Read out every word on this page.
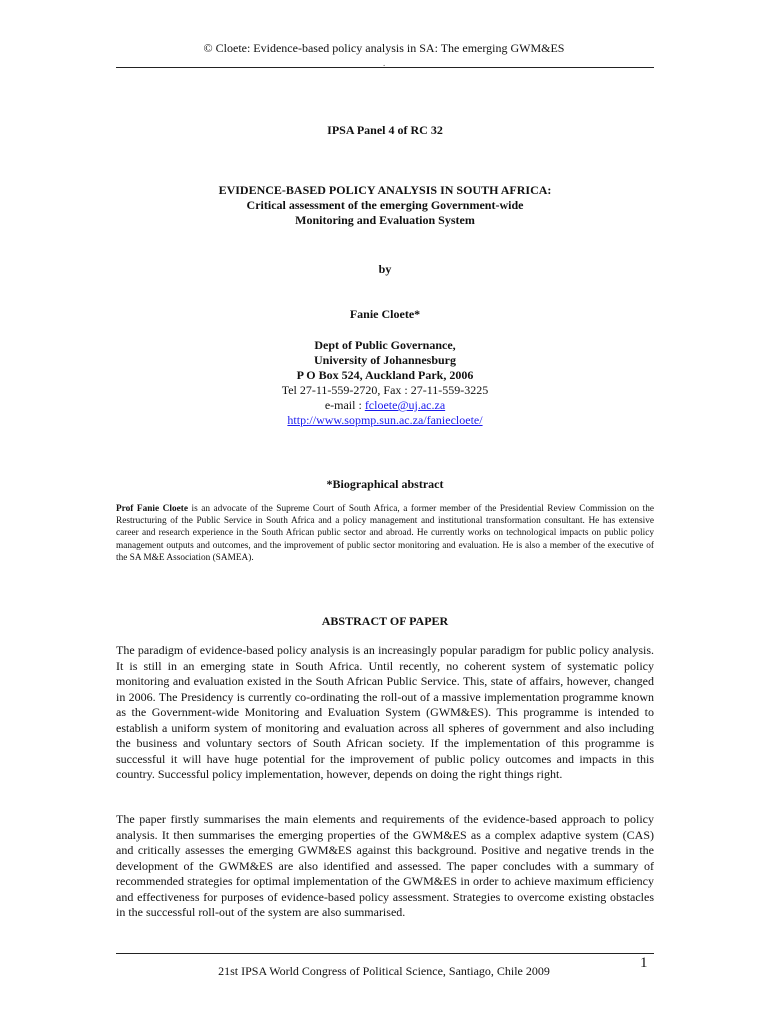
© Cloete: Evidence-based policy analysis in SA: The emerging GWM&ES
.
IPSA Panel 4 of RC 32
EVIDENCE-BASED POLICY ANALYSIS IN SOUTH AFRICA:
Critical assessment of the emerging Government-wide
Monitoring and Evaluation System
by
Fanie Cloete*
Dept of Public Governance,
University of Johannesburg
P O Box 524, Auckland Park, 2006
Tel 27-11-559-2720, Fax : 27-11-559-3225
e-mail : fcloete@uj.ac.za
http://www.sopmp.sun.ac.za/faniecloete/
*Biographical abstract
Prof Fanie Cloete is an advocate of the Supreme Court of South Africa, a former member of the Presidential Review Commission on the Restructuring of the Public Service in South Africa and a policy management and institutional transformation consultant. He has extensive career and research experience in the South African public sector and abroad. He currently works on technological impacts on public policy management outputs and outcomes, and the improvement of public sector monitoring and evaluation. He is also a member of the executive of the SA M&E Association (SAMEA).
ABSTRACT OF PAPER
The paradigm of evidence-based policy analysis is an increasingly popular paradigm for public policy analysis. It is still in an emerging state in South Africa. Until recently, no coherent system of systematic policy monitoring and evaluation existed in the South African Public Service. This, state of affairs, however, changed in 2006. The Presidency is currently co-ordinating the roll-out of a massive implementation programme known as the Government-wide Monitoring and Evaluation System (GWM&ES). This programme is intended to establish a uniform system of monitoring and evaluation across all spheres of government and also including the business and voluntary sectors of South African society. If the implementation of this programme is successful it will have huge potential for the improvement of public policy outcomes and impacts in this country. Successful policy implementation, however, depends on doing the right things right.
The paper firstly summarises the main elements and requirements of the evidence-based approach to policy analysis. It then summarises the emerging properties of the GWM&ES as a complex adaptive system (CAS) and critically assesses the emerging GWM&ES against this background. Positive and negative trends in the development of the GWM&ES are also identified and assessed. The paper concludes with a summary of recommended strategies for optimal implementation of the GWM&ES in order to achieve maximum efficiency and effectiveness for purposes of evidence-based policy assessment. Strategies to overcome existing obstacles in the successful roll-out of the system are also summarised.
1
21st IPSA World Congress of Political Science, Santiago, Chile 2009
